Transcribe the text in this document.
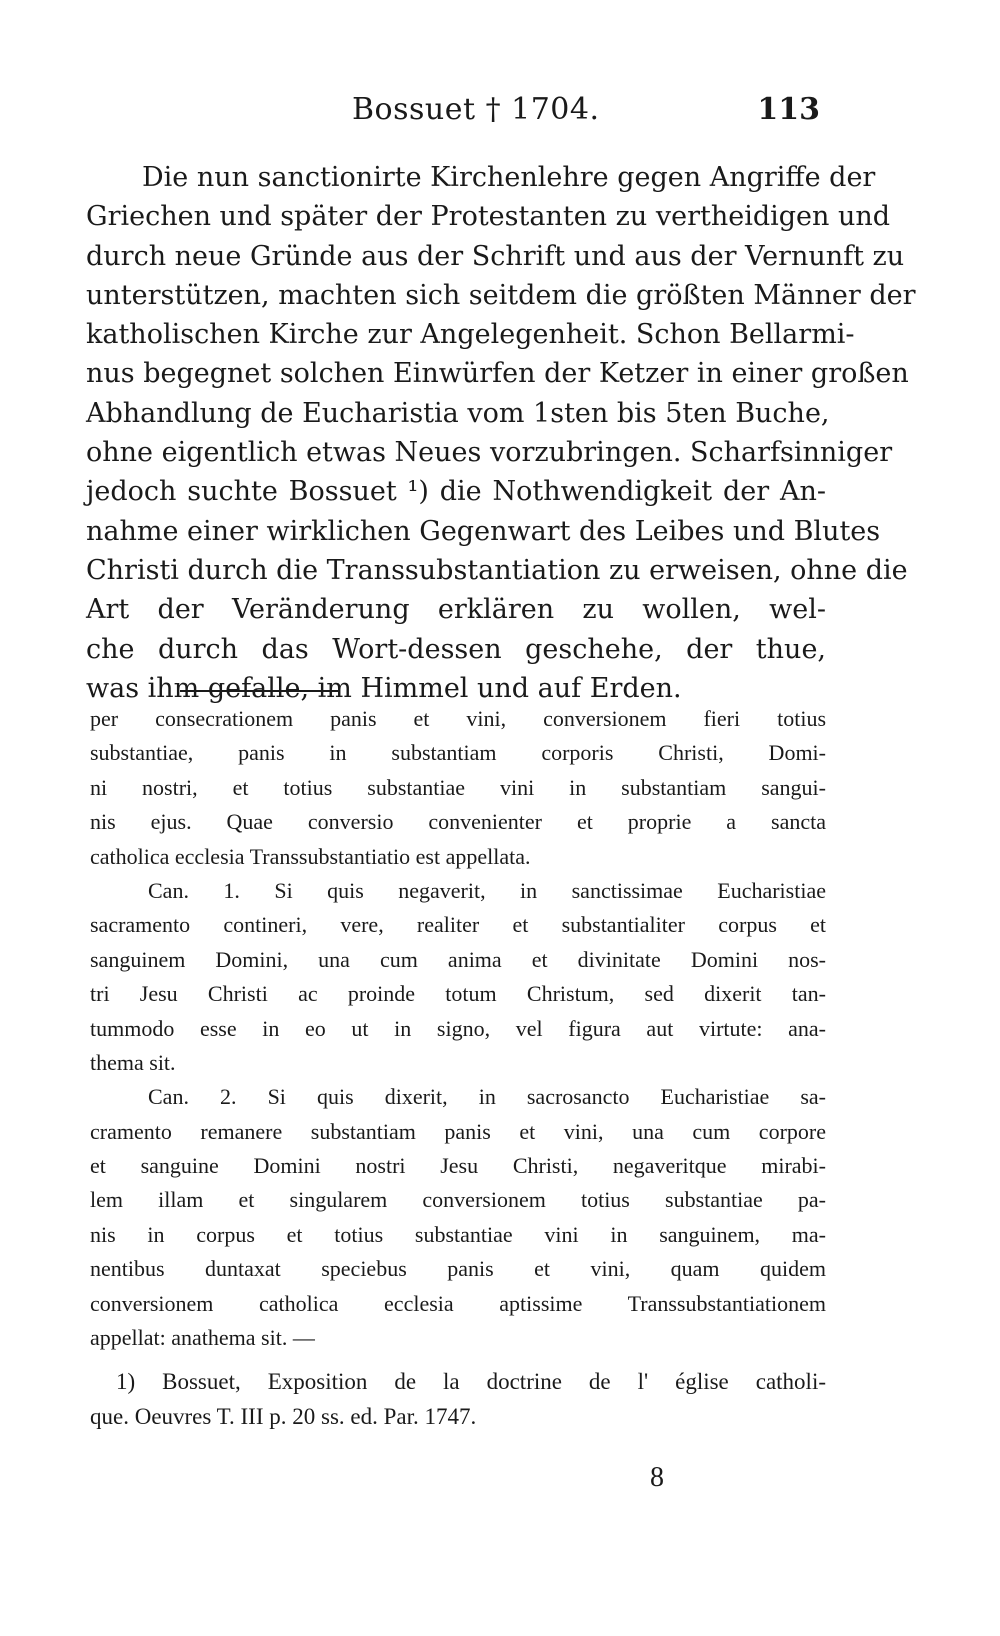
Bossuet † 1704.	113
Die nun sanctionirte Kirchenlehre gegen Angriffe der
Griechen und später der Protestanten zu vertheidigen und
durch neue Gründe aus der Schrift und aus der Vernunft zu
unterstützen, machten sich seitdem die größten Männer der
katholischen Kirche zur Angelegenheit. Schon Bellarmi-
nus begegnet solchen Einwürfen der Ketzer in einer großen
Abhandlung de Eucharistia vom 1sten bis 5ten Buche,
ohne eigentlich etwas Neues vorzubringen. Scharfsinniger
jedoch suchte Bossuet ¹) die Nothwendigkeit der An-
nahme einer wirklichen Gegenwart des Leibes und Blutes
Christi durch die Transsubstantiation zu erweisen, ohne die
Art der Veränderung erklären zu wollen, wel-
che durch das Wort-dessen geschehe, der thue,
was ihm gefalle, im Himmel und auf Erden.
per consecrationem panis et vini, conversionem fieri totius
substantiae, panis in substantiam corporis Christi, Domi-
ni nostri, et totius substantiae vini in substantiam sangui-
nis ejus. Quae conversio convenienter et proprie a sancta
catholica ecclesia Transsubstantiatio est appellata.
Can. 1. Si quis negaverit, in sanctissimae Eucharistiae
sacramento contineri, vere, realiter et substantialiter corpus et
sanguinem Domini, una cum anima et divinitate Domini nos-
tri Jesu Christi ac proinde totum Christum, sed dixerit tan-
tummodo esse in eo ut in signo, vel figura aut virtute: ana-
thema sit.
Can. 2. Si quis dixerit, in sacrosancto Eucharistiae sa-
cramento remanere substantiam panis et vini, una cum corpore
et sanguine Domini nostri Jesu Christi, negaveritque mirabi-
lem illam et singularem conversionem totius substantiae pa-
nis in corpus et totius substantiae vini in sanguinem, ma-
nentibus duntaxat speciebus panis et vini, quam quidem
conversionem catholica ecclesia aptissime Transsubstantiationem
appellat: anathema sit. —
1) Bossuet, Exposition de la doctrine de l' église catholi-
que. Oeuvres T. III p. 20 ss. ed. Par. 1747.
8
